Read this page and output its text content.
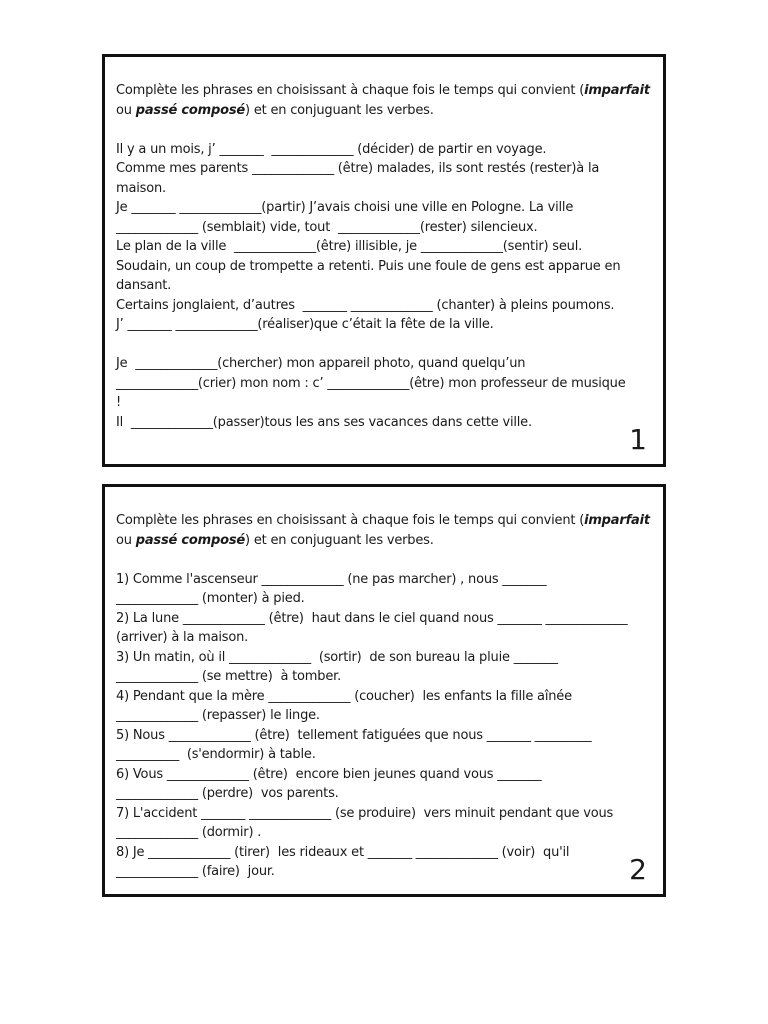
Complète les phrases en choisissant à chaque fois le temps qui convient (imparfait
ou passé composé) et en conjuguant les verbes.
Il y a un mois, j’ _______  _____________ (décider) de partir en voyage.
Comme mes parents _____________ (être) malades, ils sont restés (rester)à la
maison.
Je _______ _____________(partir) J’avais choisi une ville en Pologne. La ville
_____________ (semblait) vide, tout  _____________(rester) silencieux.
Le plan de la ville  _____________(être) illisible, je _____________(sentir) seul.
Soudain, un coup de trompette a retenti. Puis une foule de gens est apparue en
dansant.
Certains jonglaient, d’autres  _______ _____________ (chanter) à pleins poumons.
J’ _______ _____________(réaliser)que c’était la fête de la ville.
Je  _____________(chercher) mon appareil photo, quand quelqu’un
_____________(crier) mon nom : c’ _____________(être) mon professeur de musique
!
Il  _____________(passer)tous les ans ses vacances dans cette ville.
1
Complète les phrases en choisissant à chaque fois le temps qui convient (imparfait
ou passé composé) et en conjuguant les verbes.
1) Comme l'ascenseur _____________ (ne pas marcher) , nous _______
_____________ (monter) à pied.
2) La lune _____________ (être)  haut dans le ciel quand nous _______ _____________
(arriver) à la maison.
3) Un matin, où il _____________  (sortir)  de son bureau la pluie _______
_____________ (se mettre)  à tomber.
4) Pendant que la mère _____________ (coucher)  les enfants la fille aînée
_____________ (repasser) le linge.
5) Nous _____________ (être)  tellement fatiguées que nous _______ _________
__________  (s'endormir) à table.
6) Vous _____________ (être)  encore bien jeunes quand vous _______
_____________ (perdre)  vos parents.
7) L'accident _______ _____________ (se produire)  vers minuit pendant que vous
_____________ (dormir) .
8) Je _____________ (tirer)  les rideaux et _______ _____________ (voir)  qu'il
_____________ (faire)  jour.	2
